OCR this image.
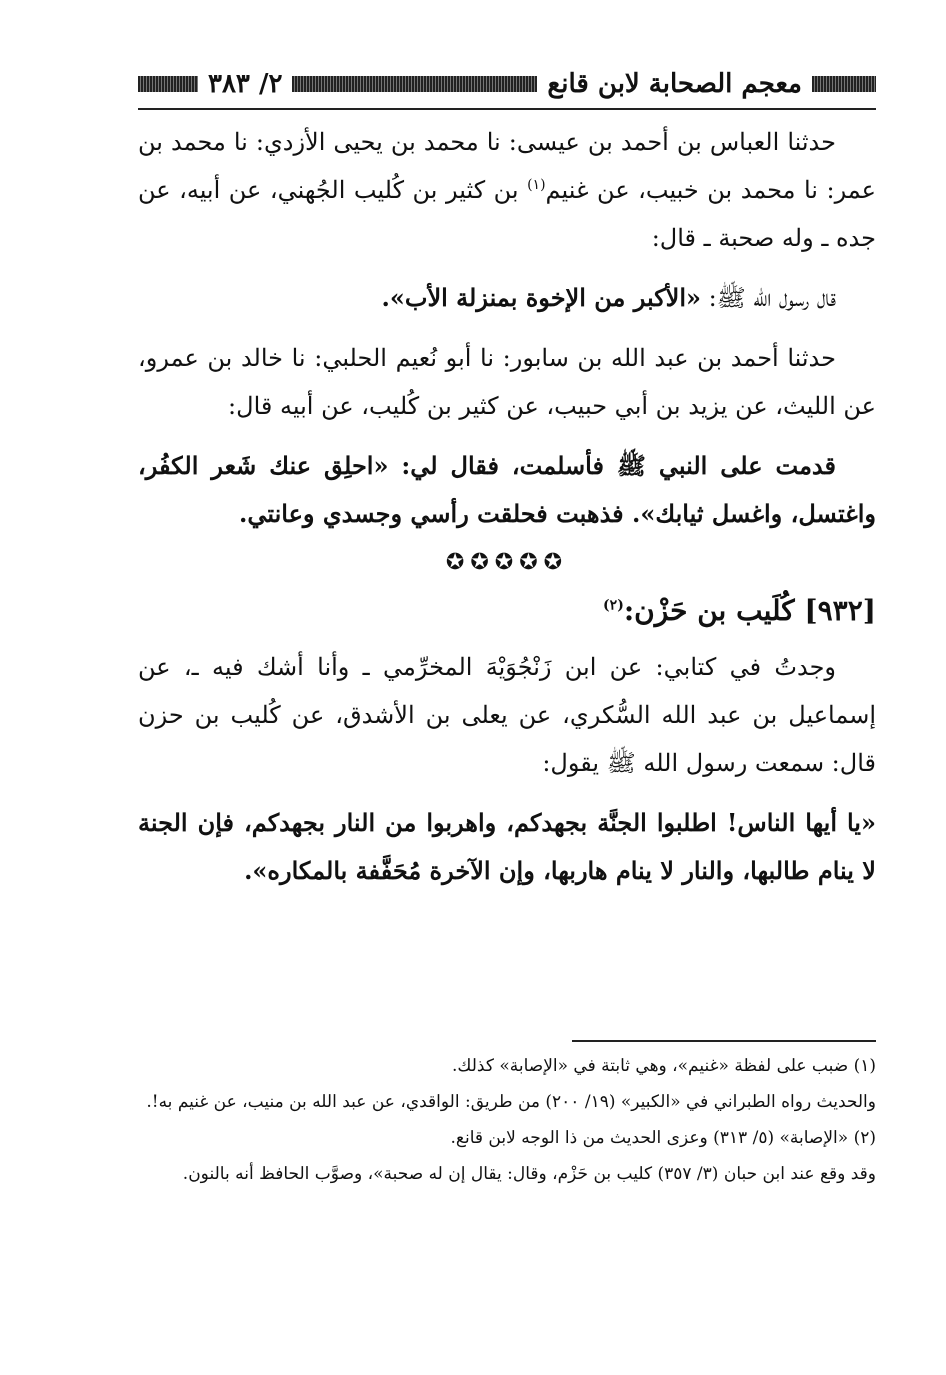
معجم الصحابة لابن قانع
٢/ ٣٨٣

حدثنا العباس بن أحمد بن عيسى: نا محمد بن يحيى الأزدي: نا محمد بن عمر: نا محمد بن خبيب، عن غنيم$^{(١)}$ بن كثير بن كُليب الجُهني، عن أبيه، عن جده ـ وله صحبة ـ قال:

قال رسول الله ﷺ: «الأكبر من الإخوة بمنزلة الأب».

حدثنا أحمد بن عبد الله بن سابور: نا أبو نُعيم الحلبي: نا خالد بن عمرو، عن الليث، عن يزيد بن أبي حبيب، عن كثير بن كُليب، عن أبيه قال:

قدمت على النبي ﷺ فأسلمت، فقال لي: «احلِق عنك شَعر الكفُر، واغتسل، واغسل ثيابك». فذهبت فحلقت رأسي وجسدي وعانتي.

✪✪✪✪✪
[٩٣٢] كُلَيب بن حَزْن:$^{(٢)}$

وجدتُ في كتابي: عن ابن زَنْجُوَيْهَ المخرِّمي ـ وأنا أشك فيه ـ، عن إسماعيل بن عبد الله السُّكري، عن يعلى بن الأشدق، عن كُليب بن حزن قال: سمعت رسول الله ﷺ يقول:

«يا أيها الناس! اطلبوا الجنَّة بجهدكم، واهربوا من النار بجهدكم، فإن الجنة لا ينام طالبها، والنار لا ينام هاربها، وإن الآخرة مُحَفَّفة بالمكاره».

(١) ضبب على لفظة «غنيم»، وهي ثابتة في «الإصابة» كذلك.
والحديث رواه الطبراني في «الكبير» (١٩/ ٢٠٠) من طريق: الواقدي، عن عبد الله بن منيب، عن غنيم به!.
(٢) «الإصابة» (٥/ ٣١٣) وعزى الحديث من ذا الوجه لابن قانع.
وقد وقع عند ابن حبان (٣/ ٣٥٧) كليب بن حَزْم، وقال: يقال إن له صحبة»، وصوَّب الحافظ أنه بالنون.
